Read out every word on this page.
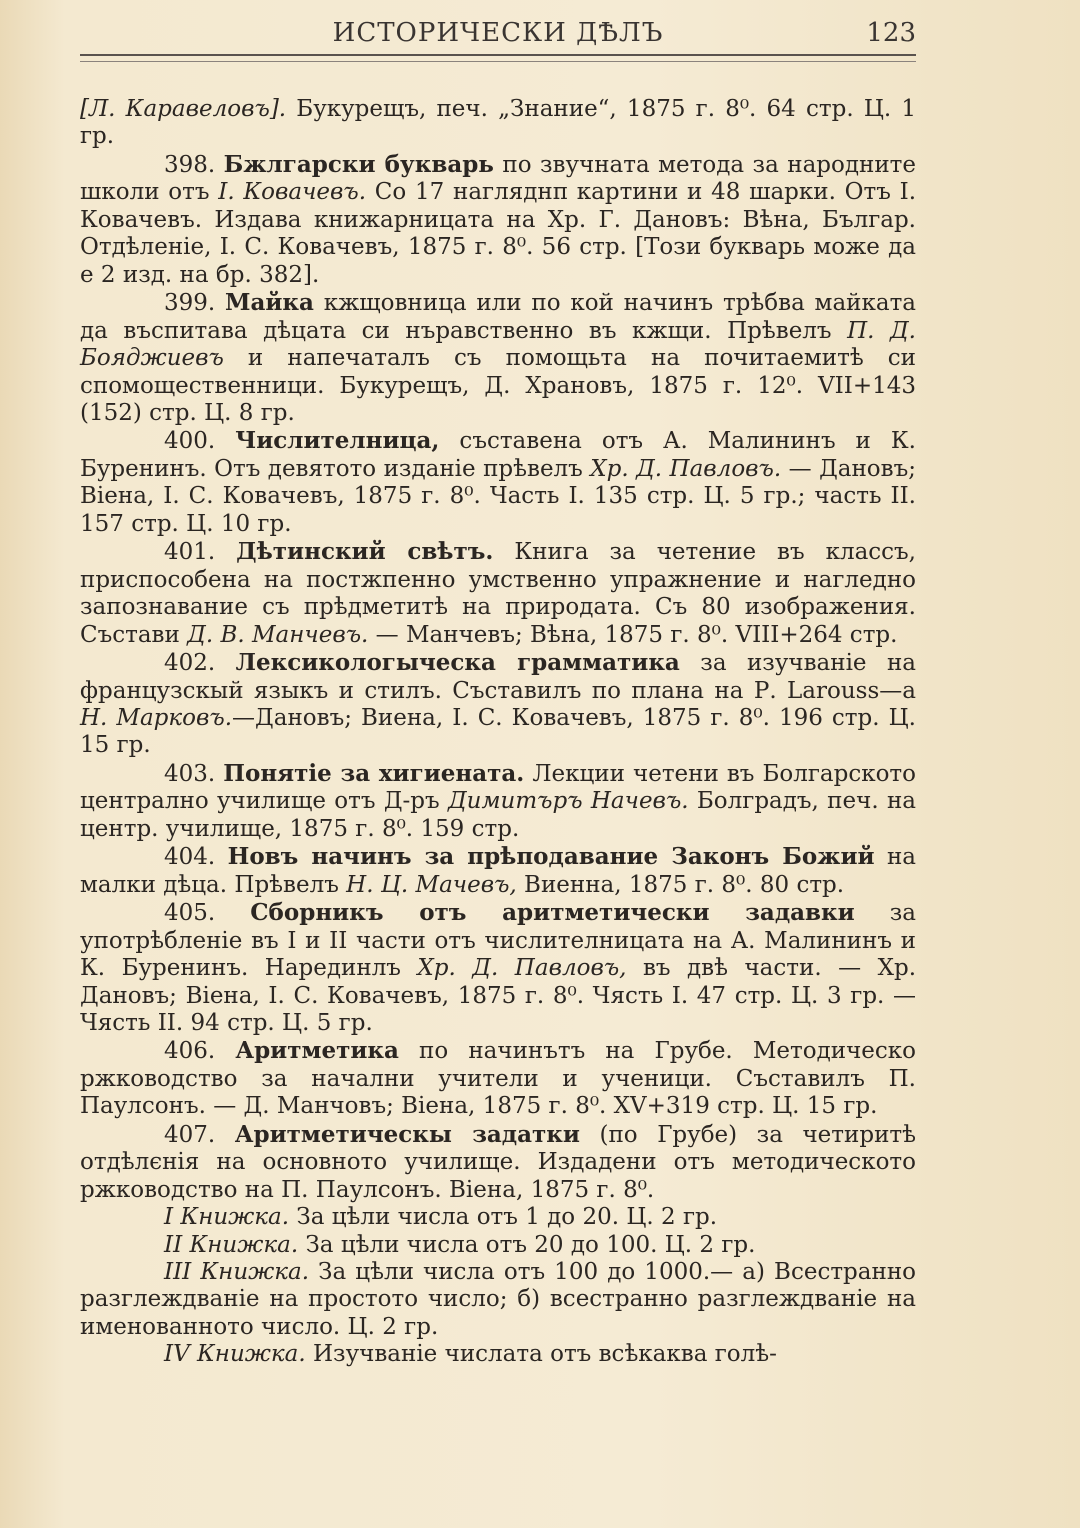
ИСТОРИЧЕСКИ ДѢЛЪ	123

[Л. Каравеловъ]. Букурещъ, печ. „Знание“, 1875 г. 8⁰. 64 стр. Ц. 1 гр.

398. Бжлгарски букварь по звучната метода за народните школи отъ I. Ковачевъ. Со 17 нагляднп картини и 48 шарки. Отъ I. Ковачевъ. Издава книжарницата на Хр. Г. Дановъ: Вѣна, Българ. Отдѣленіе, I. С. Ковачевъ, 1875 г. 8⁰. 56 стр. [Този букварь може да е 2 изд. на бр. 382].

399. Майка кжщовница или по кой начинъ трѣбва майката да въспитава дѣцата си нъравственно въ кжщи. Прѣвелъ П. Д. Бояджиевъ и напечаталъ съ помощьта на почитаемитѣ си спомощественници. Букурещъ, Д. Храновъ, 1875 г. 12⁰. VII+143 (152) стр. Ц. 8 гр.

400. Числителница, съставена отъ А. Малининъ и К. Буренинъ. Отъ девятото изданіе прѣвелъ Хр. Д. Павловъ. — Дановъ; Віена, I. С. Ковачевъ, 1875 г. 8⁰. Часть I. 135 стр. Ц. 5 гр.; часть II. 157 стр. Ц. 10 гр.

401. Дѣтинский свѣтъ. Книга за четение въ классъ, приспособена на постжпенно умственно упражнение и нагледно запознавание съ прѣдметитѣ на природата. Съ 80 изображения. Състави Д. В. Манчевъ. — Манчевъ; Вѣна, 1875 г. 8⁰. VIII+264 стр.

402. Лексикологыческа грамматика за изучваніе на французскый языкъ и стилъ. Съставилъ по плана на Р. Larouss—а Н. Марковъ.—Дановъ; Виена, I. С. Ковачевъ, 1875 г. 8⁰. 196 стр. Ц. 15 гр.

403. Понятіе за хигиената. Лекции четени въ Болгарското централно училище отъ Д-ръ Димитъръ Начевъ. Болградъ, печ. на центр. училище, 1875 г. 8⁰. 159 стр.

404. Новъ начинъ за прѣподавание Законъ Божий на малки дѣца. Прѣвелъ Н. Ц. Мачевъ, Виенна, 1875 г. 8⁰. 80 стр.

405. Сборникъ отъ аритметически задавки за употрѣбленіе въ I и II части отъ числителницата на А. Малининъ и К. Буренинъ. Нарединлъ Хр. Д. Павловъ, въ двѣ части. — Хр. Дановъ; Віена, I. С. Ковачевъ, 1875 г. 8⁰. Чясть I. 47 стр. Ц. 3 гр. — Чясть II. 94 стр. Ц. 5 гр.

406. Аритметика по начинътъ на Грубе. Методическо ржководство за начални учители и ученици. Съставилъ П. Паулсонъ. — Д. Манчовъ; Віена, 1875 г. 8⁰. XV+319 стр. Ц. 15 гр.

407. Аритметическы задатки (по Грубе) за четиритѣ отдѣлєнія на основното училище. Издадени отъ методическото ржководство на П. Паулсонъ. Віена, 1875 г. 8⁰.

I Книжка. За цѣли числа отъ 1 до 20. Ц. 2 гр.

II Книжка. За цѣли числа отъ 20 до 100. Ц. 2 гр.

III Книжка. За цѣли числа отъ 100 до 1000.— а) Всестранно разглеждваніе на простото число; б) всестранно разглеждваніе на именованното число. Ц. 2 гр.

IV Книжка. Изучваніе числата отъ всѣкаква голѣ-
